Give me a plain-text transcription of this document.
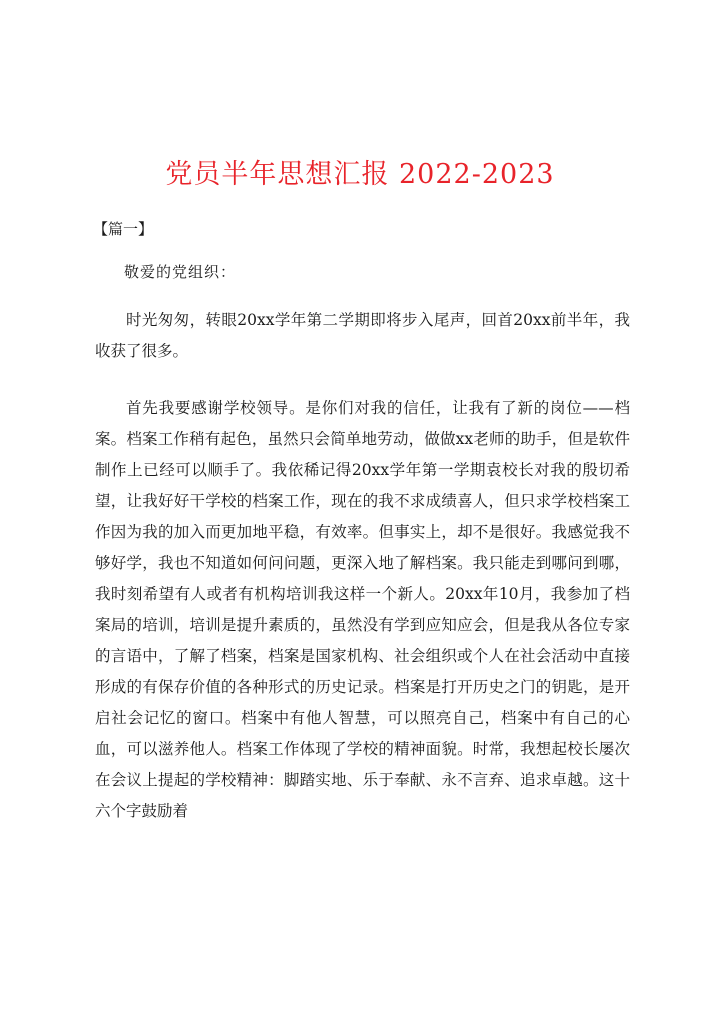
党员半年思想汇报 2022-2023
【篇一】
敬爱的党组织：

时光匆匆，转眼20xx学年第二学期即将步入尾声，回首20xx前半年，我收获了很多。

首先我要感谢学校领导。是你们对我的信任，让我有了新的岗位——档案。档案工作稍有起色，虽然只会简单地劳动，做做xx老师的助手，但是软件制作上已经可以顺手了。我依稀记得20xx学年第一学期袁校长对我的殷切希望，让我好好干学校的档案工作，现在的我不求成绩喜人，但只求学校档案工作因为我的加入而更加地平稳，有效率。但事实上，却不是很好。我感觉我不够好学，我也不知道如何问问题，更深入地了解档案。我只能走到哪问到哪，我时刻希望有人或者有机构培训我这样一个新人。20xx年10月，我参加了档案局的培训，培训是提升素质的，虽然没有学到应知应会，但是我从各位专家的言语中，了解了档案，档案是国家机构、社会组织或个人在社会活动中直接形成的有保存价值的各种形式的历史记录。档案是打开历史之门的钥匙，是开启社会记忆的窗口。档案中有他人智慧，可以照亮自己，档案中有自己的心血，可以滋养他人。档案工作体现了学校的精神面貌。时常，我想起校长屡次在会议上提起的学校精神：脚踏实地、乐于奉献、永不言弃、追求卓越。这十六个字鼓励着
